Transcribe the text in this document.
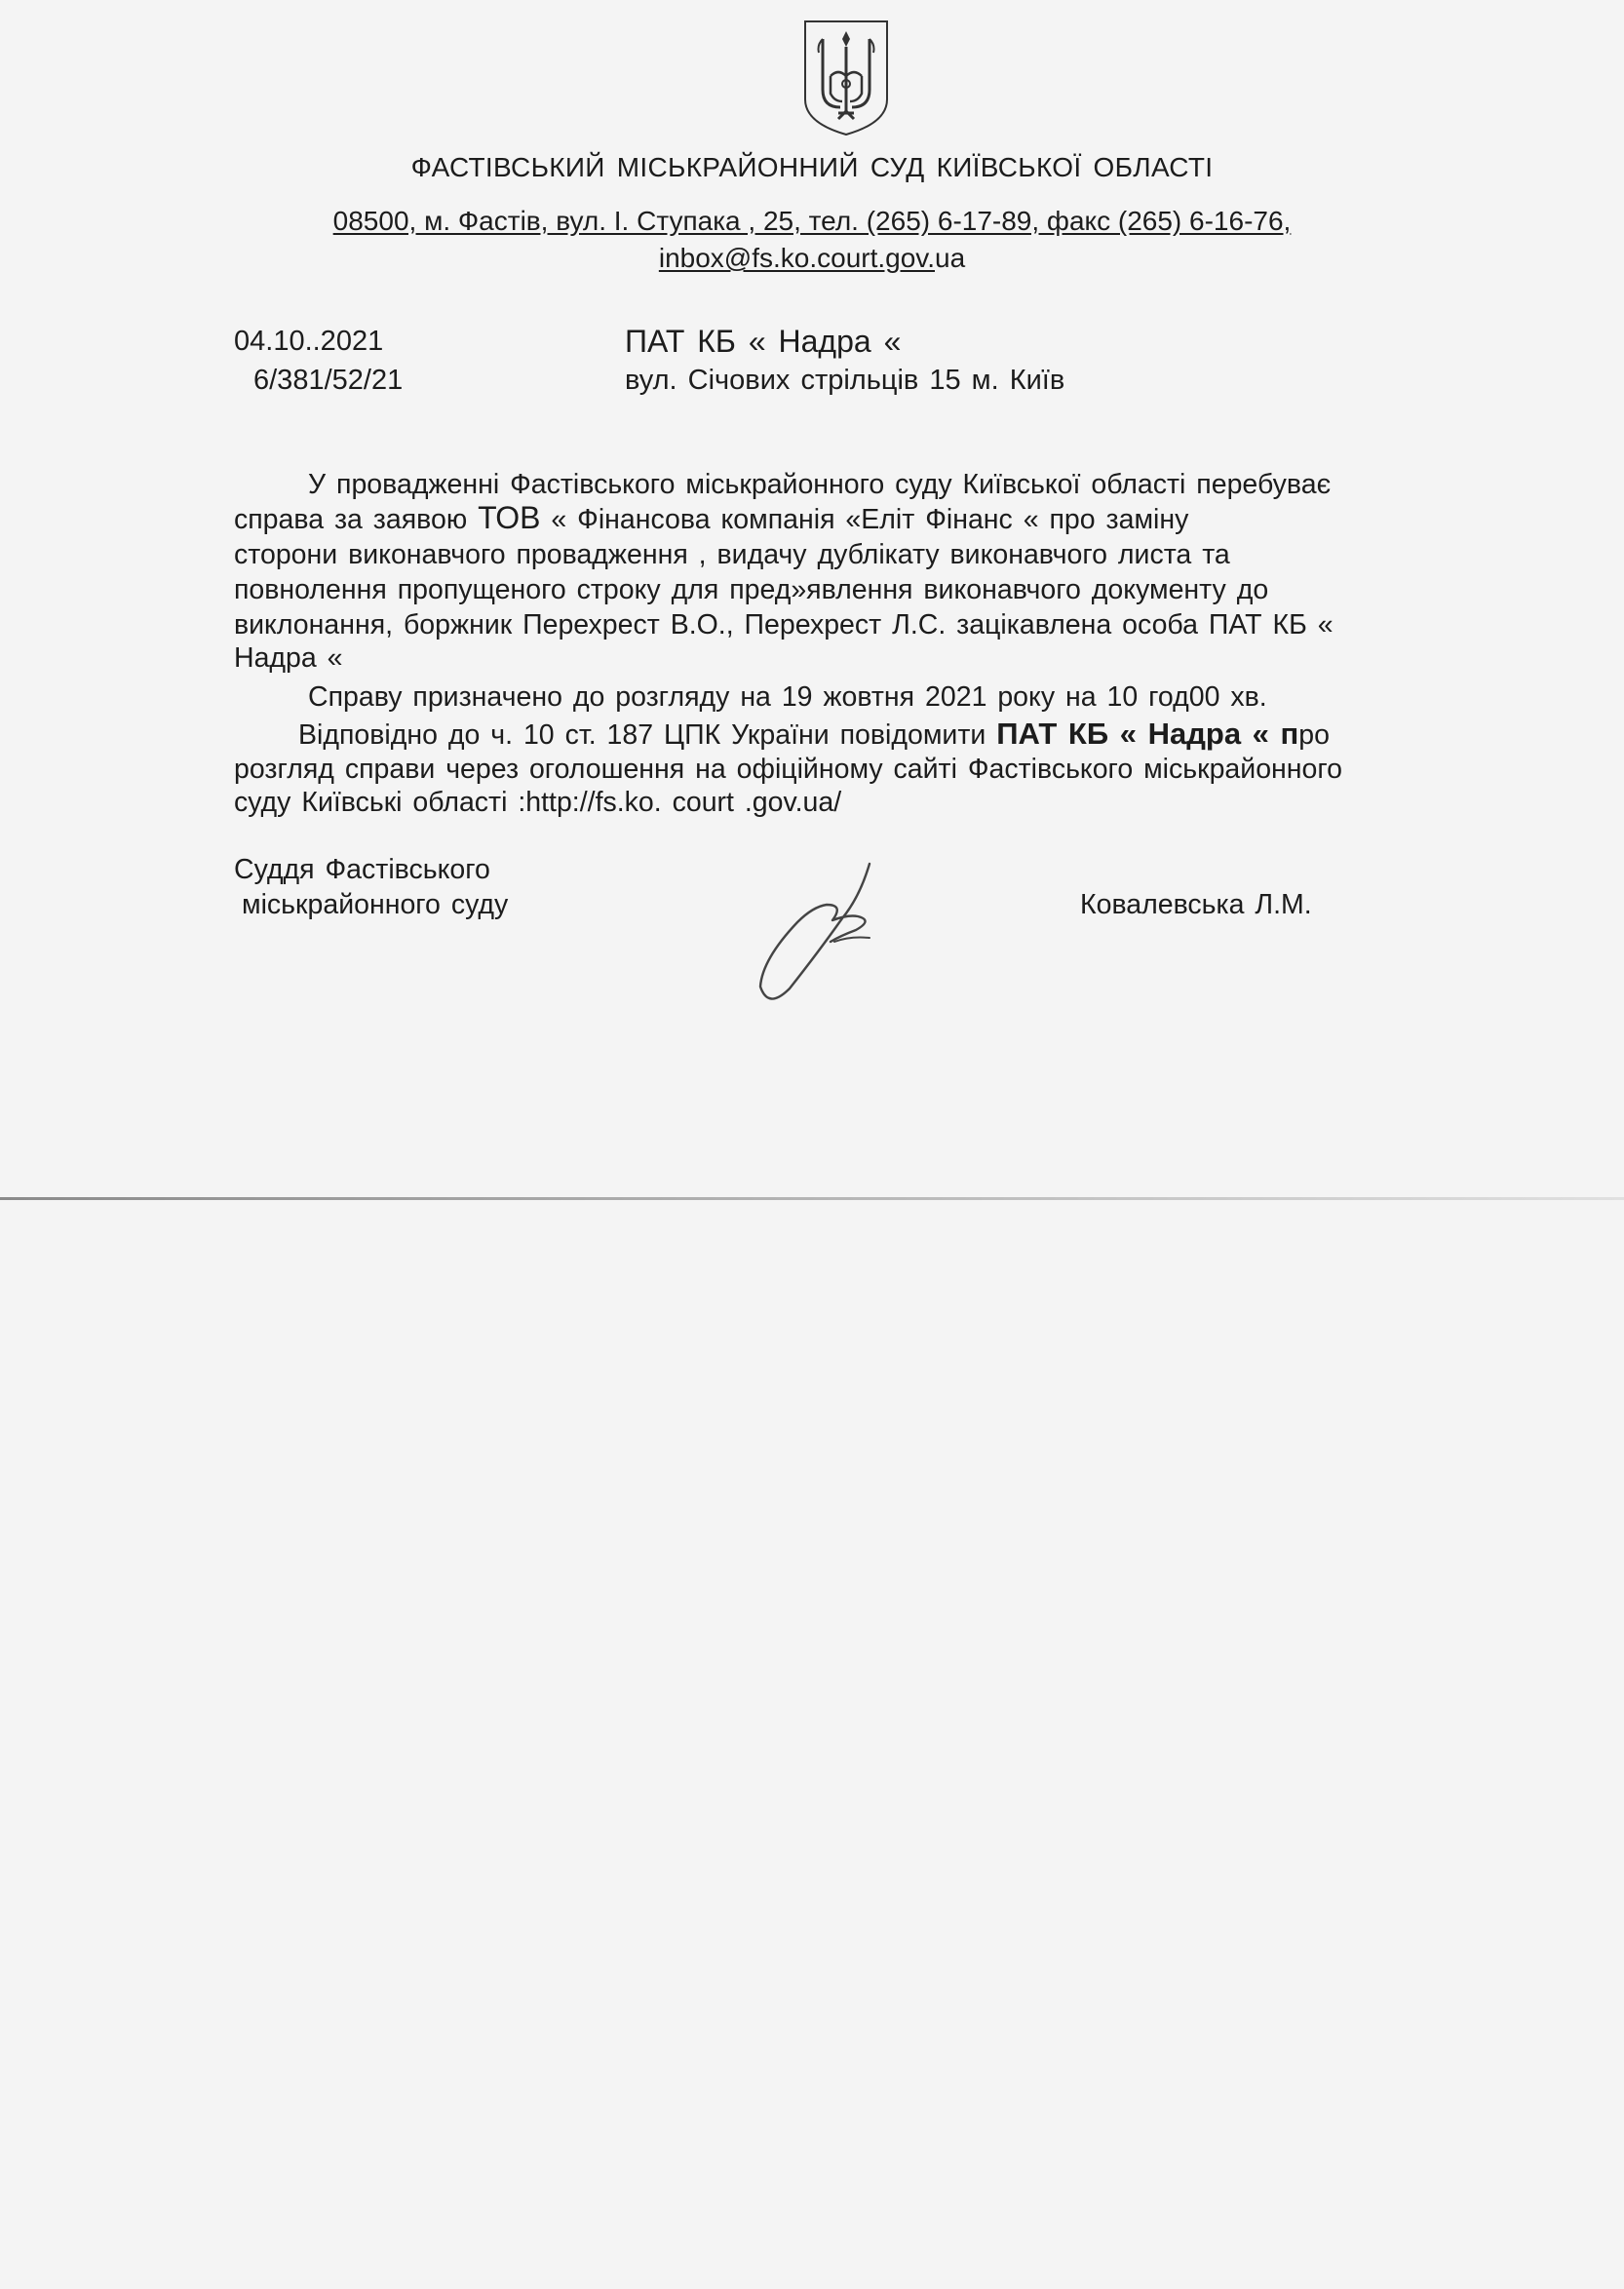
ФАСТІВСЬКИЙ МІСЬКРАЙОННИЙ СУД КИЇВСЬКОЇ ОБЛАСТІ
08500, м. Фастів, вул. І. Ступака , 25, тел. (265) 6-17-89, факс (265) 6-16-76,
inbox@fs.ko.court.gov.ua
04.10..2021
6/381/52/21
ПАТ КБ « Надра «
вул. Січових стрільців 15 м. Київ
У провадженні Фастівського міськрайонного суду Київської області перебуває
справа за заявою ТОВ « Фінансова компанія «Еліт Фінанс « про заміну
сторони виконавчого провадження , видачу дублікату виконавчого листа та
повнолення пропущеного строку для пред»явлення виконавчого документу до
виклонання, боржник Перехрест В.О., Перехрест Л.С. зацікавлена особа ПАТ КБ «
Надра «
Справу призначено до розгляду на 19 жовтня 2021 року на 10 год00 хв.
Відповідно до ч. 10 ст. 187 ЦПК України повідомити ПАТ КБ « Надра « про
розгляд справи через оголошення на офіційному сайті Фастівського міськрайонного
суду Київські області :http://fs.ko. court .gov.ua/
Суддя Фастівського
міськрайонного суду	Ковалевська Л.М.
